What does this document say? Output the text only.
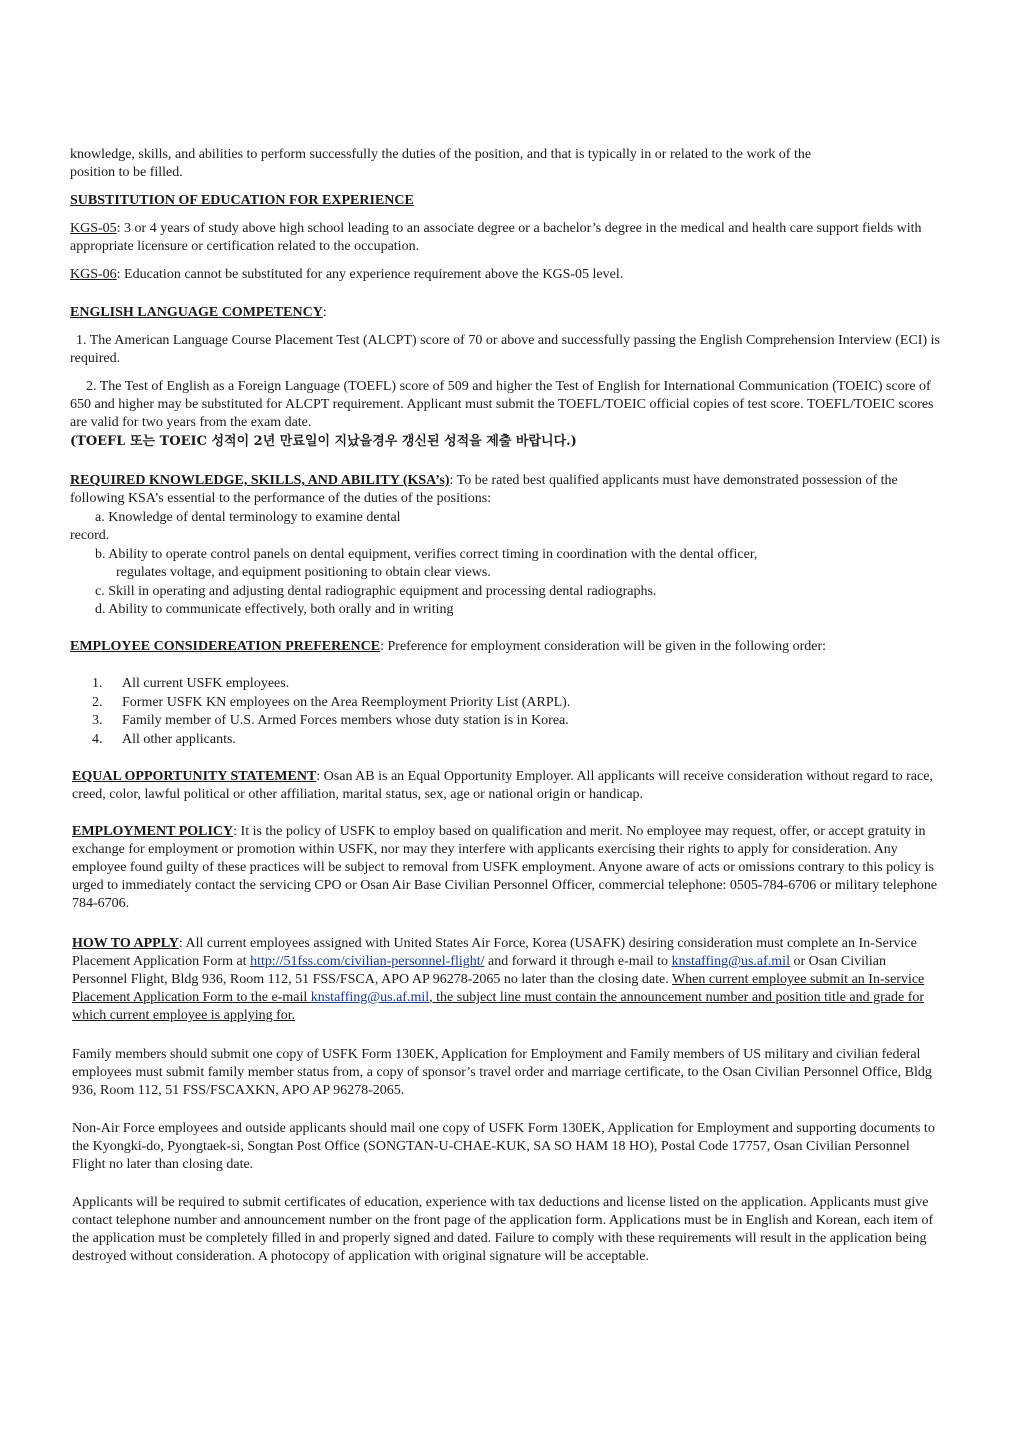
knowledge, skills, and abilities to perform successfully the duties of the position, and that is typically in or related to the work of the
position to be filled.

SUBSTITUTION OF EDUCATION FOR EXPERIENCE

KGS-05: 3 or 4 years of study above high school leading to an associate degree or a bachelor’s degree in the medical and health care support fields with appropriate licensure or certification related to the occupation.

KGS-06: Education cannot be substituted for any experience requirement above the KGS-05 level.

ENGLISH LANGUAGE COMPETENCY:

1. The American Language Course Placement Test (ALCPT) score of 70 or above and successfully passing the English Comprehension Interview (ECI) is required.

2. The Test of English as a Foreign Language (TOEFL) score of 509 and higher the Test of English for International Communication (TOEIC) score of 650 and higher may be substituted for ALCPT requirement. Applicant must submit the TOEFL/TOEIC official copies of test score. TOEFL/TOEIC scores are valid for two years from the exam date.

(TOEFL 또는 TOEIC 성적이 2년 만료일이 지났을경우 갱신된 성적을 제출 바랍니다.)

REQUIRED KNOWLEDGE, SKILLS, AND ABILITY (KSA’s): To be rated best qualified applicants must have demonstrated possession of the following KSA’s essential to the performance of the duties of the positions:

a. Knowledge of dental terminology to examine dental

record.

b. Ability to operate control panels on dental equipment, verifies correct timing in coordination with the dental officer,

regulates voltage, and equipment positioning to obtain clear views.

c. Skill in operating and adjusting dental radiographic equipment and processing dental radiographs.

d. Ability to communicate effectively, both orally and in writing

EMPLOYEE CONSIDEREATION PREFERENCE: Preference for employment consideration will be given in the following order:

1. All current USFK employees.

2. Former USFK KN employees on the Area Reemployment Priority List (ARPL).

3. Family member of U.S. Armed Forces members whose duty station is in Korea.

4. All other applicants.

EQUAL OPPORTUNITY STATEMENT: Osan AB is an Equal Opportunity Employer. All applicants will receive consideration without regard to race, creed, color, lawful political or other affiliation, marital status, sex, age or national origin or handicap.

EMPLOYMENT POLICY: It is the policy of USFK to employ based on qualification and merit. No employee may request, offer, or accept gratuity in exchange for employment or promotion within USFK, nor may they interfere with applicants exercising their rights to apply for consideration. Any employee found guilty of these practices will be subject to removal from USFK employment. Anyone aware of acts or omissions contrary to this policy is urged to immediately contact the servicing CPO or Osan Air Base Civilian Personnel Officer, commercial telephone: 0505-784-6706 or military telephone 784-6706.

HOW TO APPLY: All current employees assigned with United States Air Force, Korea (USAFK) desiring consideration must complete an In-Service Placement Application Form at http://51fss.com/civilian-personnel-flight/ and forward it through e-mail to knstaffing@us.af.mil or Osan Civilian Personnel Flight, Bldg 936, Room 112, 51 FSS/FSCA, APO AP 96278-2065 no later than the closing date. When current employee submit an In-service Placement Application Form to the e-mail knstaffing@us.af.mil, the subject line must contain the announcement number and position title and grade for which current employee is applying for.

Family members should submit one copy of USFK Form 130EK, Application for Employment and Family members of US military and civilian federal employees must submit family member status from, a copy of sponsor’s travel order and marriage certificate, to the Osan Civilian Personnel Office, Bldg 936, Room 112, 51 FSS/FSCAXKN, APO AP 96278-2065.

Non-Air Force employees and outside applicants should mail one copy of USFK Form 130EK, Application for Employment and supporting documents to the Kyongki-do, Pyongtaek-si, Songtan Post Office (SONGTAN-U-CHAE-KUK, SA SO HAM 18 HO), Postal Code 17757, Osan Civilian Personnel Flight no later than closing date.

Applicants will be required to submit certificates of education, experience with tax deductions and license listed on the application. Applicants must give contact telephone number and announcement number on the front page of the application form. Applications must be in English and Korean, each item of the application must be completely filled in and properly signed and dated. Failure to comply with these requirements will result in the application being destroyed without consideration. A photocopy of application with original signature will be acceptable.
